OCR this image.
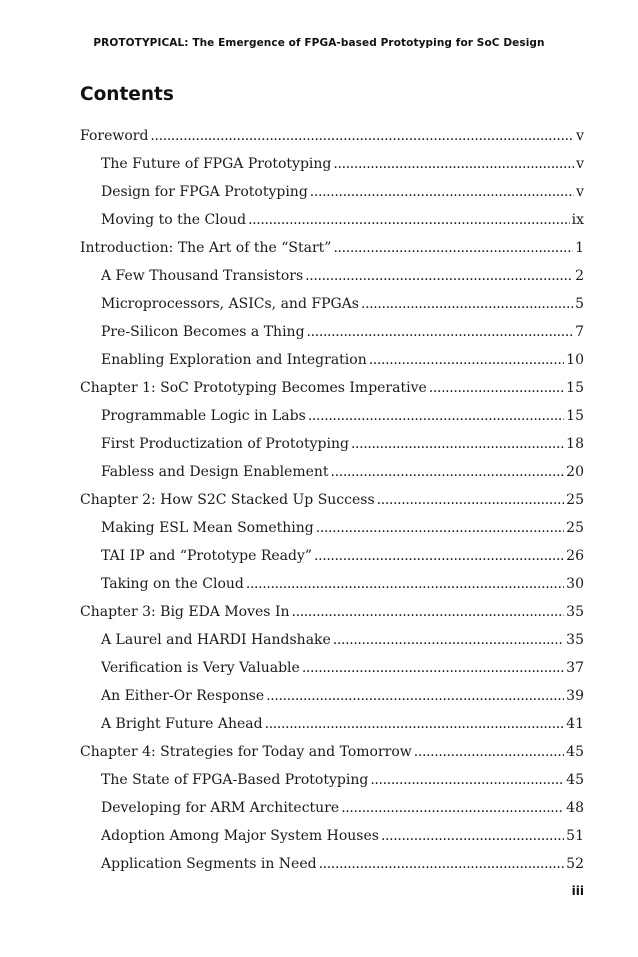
PROTOTYPICAL: The Emergence of FPGA-based Prototyping for SoC Design
Contents
Foreword . . .	v
The Future of FPGA Prototyping . . .	v
Design for FPGA Prototyping . . .	v
Moving to the Cloud . . .	ix
Introduction: The Art of the “Start” . . .	1
A Few Thousand Transistors . . .	2
Microprocessors, ASICs, and FPGAs . . .	5
Pre-Silicon Becomes a Thing . . .	7
Enabling Exploration and Integration . . .	10
Chapter 1: SoC Prototyping Becomes Imperative . . .	15
Programmable Logic in Labs . . .	15
First Productization of Prototyping . . .	18
Fabless and Design Enablement . . .	20
Chapter 2: How S2C Stacked Up Success . . .	25
Making ESL Mean Something . . .	25
TAI IP and “Prototype Ready” . . .	26
Taking on the Cloud . . .	30
Chapter 3: Big EDA Moves In . . .	35
A Laurel and HARDI Handshake . . .	35
Verification is Very Valuable . . .	37
An Either-Or Response . . .	39
A Bright Future Ahead . . .	41
Chapter 4: Strategies for Today and Tomorrow . . .	45
The State of FPGA-Based Prototyping . . .	45
Developing for ARM Architecture . . .	48
Adoption Among Major System Houses . . .	51
Application Segments in Need . . .	52
iii
